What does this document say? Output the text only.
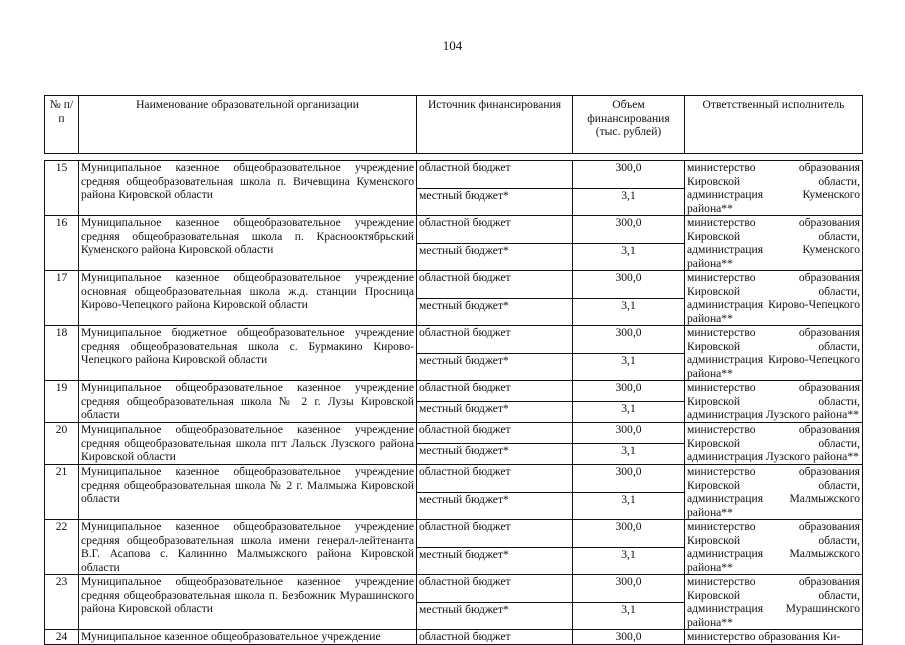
104
№ п/п	Наименование образовательной организации	Источник финансирования	Объем финансирования (тыс. рублей)	Ответственный исполнитель

15	Муниципальное казенное общеобразовательное учреждение средняя общеобразовательная школа п. Вичевщина Куменского района Кировской области	областной бюджет	300,0	министерство образования Кировской области, администрация Куменского района**
		местный бюджет*	3,1	
16	Муниципальное казенное общеобразовательное учреждение средняя общеобразовательная школа п. Краснооктябрьский Куменского района Кировской области	областной бюджет	300,0	министерство образования Кировской области, администрация Куменского района**
		местный бюджет*	3,1	
17	Муниципальное казенное общеобразовательное учреждение основная общеобразовательная школа ж.д. станции Просница Кирово-Чепецкого района Кировской области	областной бюджет	300,0	министерство образования Кировской области, администрация Кирово-Чепецкого района**
		местный бюджет*	3,1	
18	Муниципальное бюджетное общеобразовательное учреждение средняя общеобразовательная школа с. Бурмакино Кирово-Чепецкого района Кировской области	областной бюджет	300,0	министерство образования Кировской области, администрация Кирово-Чепецкого района**
		местный бюджет*	3,1	
19	Муниципальное общеобразовательное казенное учреждение средняя общеобразовательная школа № 2 г. Лузы Кировской области	областной бюджет	300,0	министерство образования Кировской области, администрация Лузского района**
		местный бюджет*	3,1	
20	Муниципальное общеобразовательное казенное учреждение средняя общеобразовательная школа пгт Лальск Лузского района Кировской области	областной бюджет	300,0	министерство образования Кировской области, администрация Лузского района**
		местный бюджет*	3,1	
21	Муниципальное казенное общеобразовательное учреждение средняя общеобразовательная школа № 2 г. Малмыжа Кировской области	областной бюджет	300,0	министерство образования Кировской области, администрация Малмыжского района**
		местный бюджет*	3,1	
22	Муниципальное казенное общеобразовательное учреждение средняя общеобразовательная школа имени генерал-лейтенанта В.Г. Асапова с. Калинино Малмыжского района Кировской области	областной бюджет	300,0	министерство образования Кировской области, администрация Малмыжского района**
		местный бюджет*	3,1	
23	Муниципальное общеобразовательное казенное учреждение средняя общеобразовательная школа п. Безбожник Мурашинского района Кировской области	областной бюджет	300,0	министерство образования Кировской области, администрация Мурашинского района**
		местный бюджет*	3,1	
24	Муниципальное казенное общеобразовательное учреждение	областной бюджет	300,0	министерство образования Ки-
